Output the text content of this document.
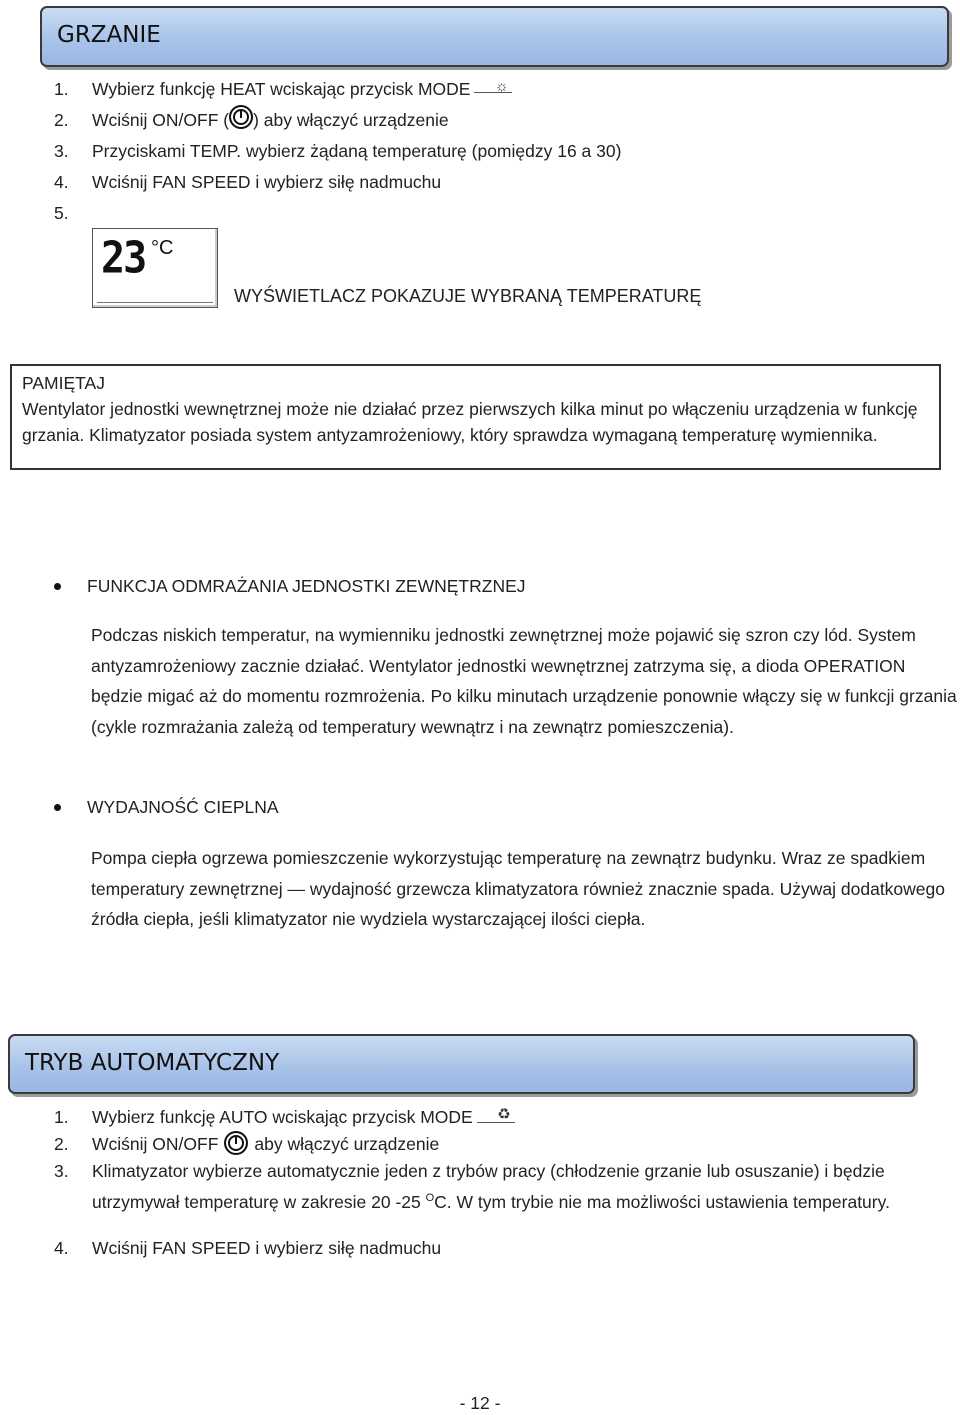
GRZANIE
1.	Wybierz funkcję HEAT wciskając przycisk MODE ☼
2.	Wciśnij ON/OFF ( ) aby włączyć urządzenie
3.	Przyciskami TEMP. wybierz żądaną temperaturę (pomiędzy 16 a 30)
4.	Wciśnij FAN SPEED i wybierz siłę nadmuchu
5.
23 °C
WYŚWIETLACZ POKAZUJE WYBRANĄ TEMPERATURĘ
PAMIĘTAJ
Wentylator jednostki wewnętrznej może nie działać przez pierwszych kilka minut po włączeniu urządzenia w funkcję grzania. Klimatyzator posiada system antyzamrożeniowy, który sprawdza wymaganą temperaturę wymiennika.
FUNKCJA ODMRAŻANIA JEDNOSTKI ZEWNĘTRZNEJ
Podczas niskich temperatur, na wymienniku jednostki zewnętrznej może pojawić się szron czy lód. System antyzamrożeniowy zacznie działać. Wentylator jednostki wewnętrznej zatrzyma się, a dioda OPERATION będzie migać aż do momentu rozmrożenia. Po kilku minutach urządzenie ponownie włączy się w funkcji grzania (cykle rozmrażania zależą od temperatury wewnątrz i na zewnątrz pomieszczenia).
WYDAJNOŚĆ CIEPLNA
Pompa ciepła ogrzewa pomieszczenie wykorzystując temperaturę na zewnątrz budynku. Wraz ze spadkiem temperatury zewnętrznej — wydajność grzewcza klimatyzatora również znacznie spada. Używaj dodatkowego źródła ciepła, jeśli klimatyzator nie wydziela wystarczającej ilości ciepła.
TRYB AUTOMATYCZNY
1.	Wybierz funkcję AUTO wciskając przycisk MODE ♻
2.	Wciśnij ON/OFF aby włączyć urządzenie
3.	Klimatyzator wybierze automatycznie jeden z trybów pracy (chłodzenie grzanie lub osuszanie) i będzie utrzymywał temperaturę w zakresie 20 -25 $^O$C. W tym trybie nie ma możliwości ustawienia temperatury.
4.	Wciśnij FAN SPEED i wybierz siłę nadmuchu
- 12 -
